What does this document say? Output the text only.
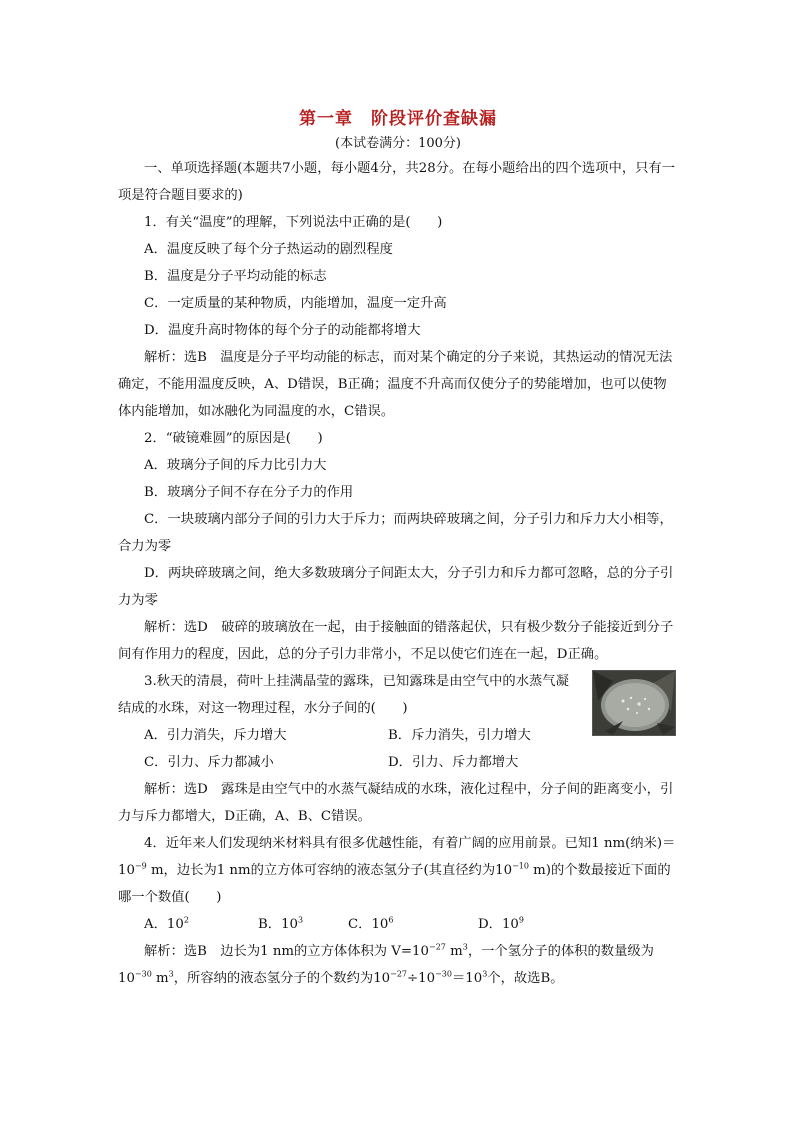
第一章　阶段评价查缺漏
(本试卷满分：100分)

一、单项选择题(本题共7小题，每小题4分，共28分。在每小题给出的四个选项中，只有一项是符合题目要求的)

1．有关“温度”的理解，下列说法中正确的是(　　)

A．温度反映了每个分子热运动的剧烈程度

B．温度是分子平均动能的标志

C．一定质量的某种物质，内能增加，温度一定升高

D．温度升高时物体的每个分子的动能都将增大

解析：选B　温度是分子平均动能的标志，而对某个确定的分子来说，其热运动的情况无法确定，不能用温度反映，A、D错误，B正确；温度不升高而仅使分子的势能增加，也可以使物体内能增加，如冰融化为同温度的水，C错误。

2．“破镜难圆”的原因是(　　)

A．玻璃分子间的斥力比引力大

B．玻璃分子间不存在分子力的作用

C．一块玻璃内部分子间的引力大于斥力；而两块碎玻璃之间，分子引力和斥力大小相等，合力为零

D．两块碎玻璃之间，绝大多数玻璃分子间距太大，分子引力和斥力都可忽略，总的分子引力为零

解析：选D　破碎的玻璃放在一起，由于接触面的错落起伏，只有极少数分子能接近到分子间有作用力的程度，因此，总的分子引力非常小，不足以使它们连在一起，D正确。

3.秋天的清晨，荷叶上挂满晶莹的露珠，已知露珠是由空气中的水蒸气凝结成的水珠，对这一物理过程，水分子间的(　　)

A．引力消失，斥力增大	B．斥力消失，引力增大
C．引力、斥力都减小	D．引力、斥力都增大

解析：选D　露珠是由空气中的水蒸气凝结成的水珠，液化过程中，分子间的距离变小，引力与斥力都增大，D正确，A、B、C错误。

4．近年来人们发现纳米材料具有很多优越性能，有着广阔的应用前景。已知1 nm(纳米)$=10^{-9}$ m，边长为1 nm的立方体可容纳的液态氢分子(其直径约为$10^{-10}$ m)的个数最接近下面的哪一个数值(　　)

A．$10^2$	B．$10^3$	C．$10^6$	D．$10^9$

解析：选B　边长为1 nm的立方体体积为 $V=10^{-27}$ $m^3$，一个氢分子的体积的数量级为$10^{-30}$ $m^3$，所容纳的液态氢分子的个数约为$10^{-27}\div 10^{-30}=10^3$个，故选B。
